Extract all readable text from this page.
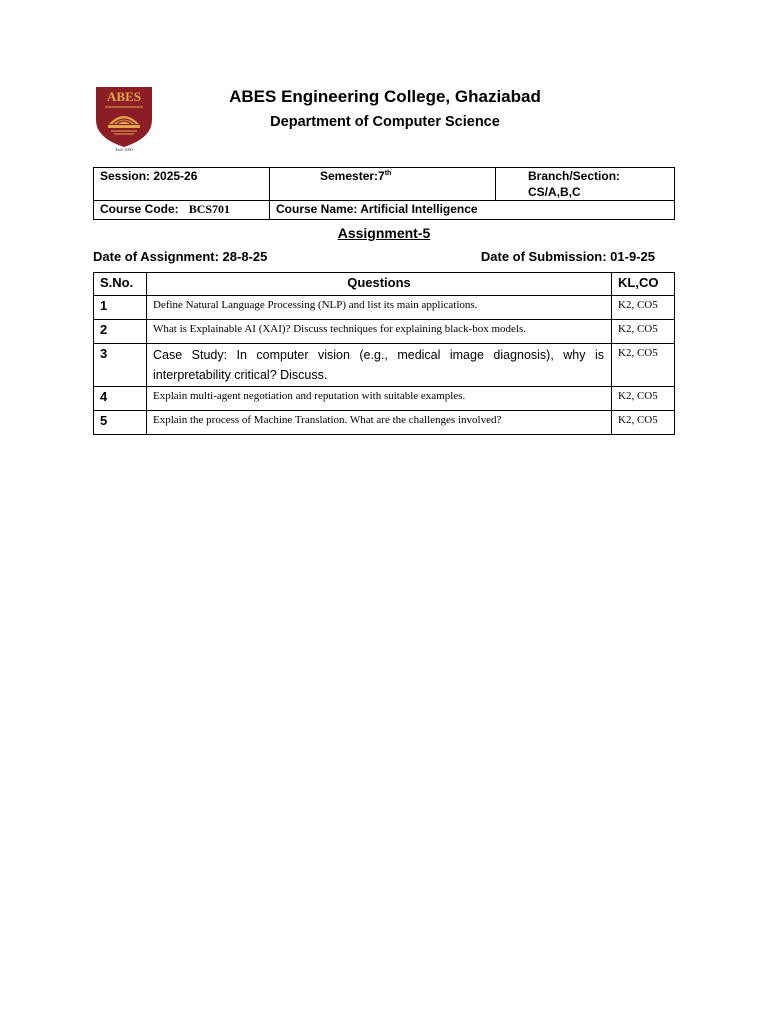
ABES
Estd. 2000
ABES Engineering College, Ghaziabad
Department of Computer Science
Session: 2025-26	Semester:7th	Branch/Section: CS/A,B,C
Course Code: BCS701	Course Name: Artificial Intelligence	
Assignment-5
Date of Assignment: 28-8-25	Date of Submission: 01-9-25
S.No.	Questions	KL,CO
1	Define Natural Language Processing (NLP) and list its main applications.	K2, CO5
2	What is Explainable AI (XAI)? Discuss techniques for explaining black-box models.	K2, CO5
3	Case Study: In computer vision (e.g., medical image diagnosis), why is interpretability critical? Discuss.	K2, CO5
4	Explain multi-agent negotiation and reputation with suitable examples.	K2, CO5
5	Explain the process of Machine Translation. What are the challenges involved?	K2, CO5
